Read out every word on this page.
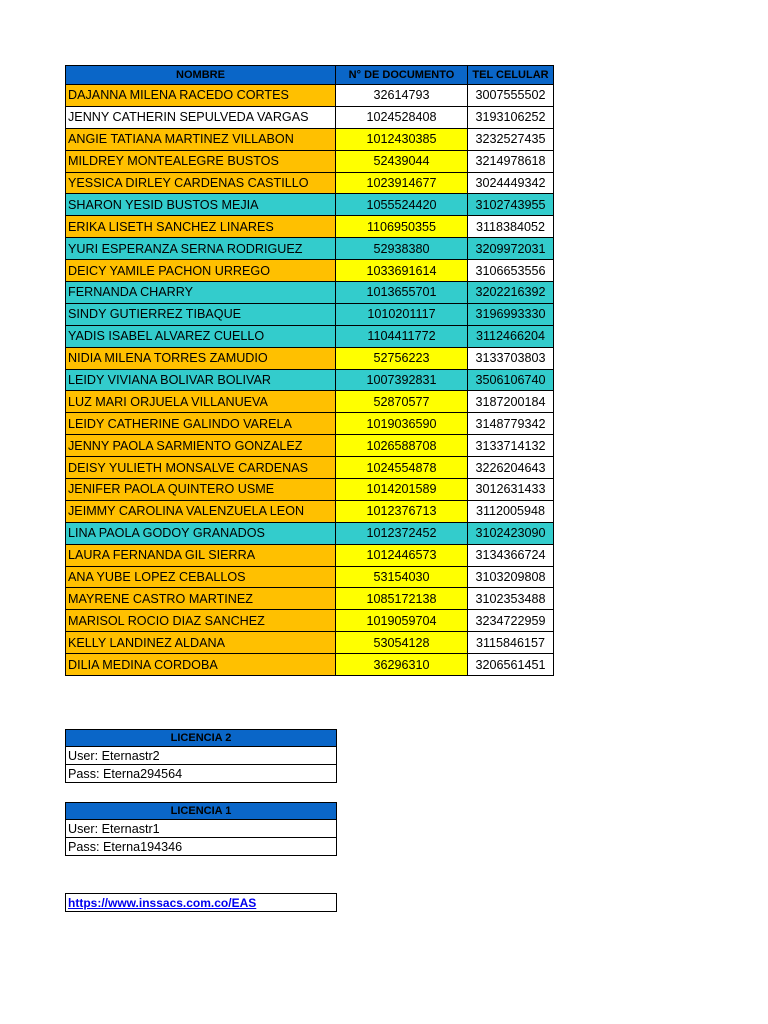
NOMBRE	N° DE DOCUMENTO	TEL CELULAR
DAJANNA MILENA RACEDO CORTES	32614793	3007555502
JENNY CATHERIN SEPULVEDA VARGAS	1024528408	3193106252
ANGIE TATIANA MARTINEZ VILLABON	1012430385	3232527435
MILDREY MONTEALEGRE BUSTOS	52439044	3214978618
YESSICA DIRLEY CARDENAS CASTILLO	1023914677	3024449342
SHARON YESID BUSTOS MEJIA	1055524420	3102743955
ERIKA LISETH SANCHEZ LINARES	1106950355	3118384052
YURI ESPERANZA SERNA RODRIGUEZ	52938380	3209972031
DEICY YAMILE PACHON URREGO	1033691614	3106653556
FERNANDA CHARRY	1013655701	3202216392
SINDY GUTIERREZ TIBAQUE	1010201117	3196993330
YADIS ISABEL ALVAREZ CUELLO	1104411772	3112466204
NIDIA MILENA TORRES ZAMUDIO	52756223	3133703803
LEIDY VIVIANA BOLIVAR BOLIVAR	1007392831	3506106740
LUZ MARI ORJUELA VILLANUEVA	52870577	3187200184
LEIDY CATHERINE GALINDO VARELA	1019036590	3148779342
JENNY PAOLA SARMIENTO GONZALEZ	1026588708	3133714132
DEISY YULIETH MONSALVE CARDENAS	1024554878	3226204643
JENIFER PAOLA QUINTERO USME	1014201589	3012631433
JEIMMY CAROLINA VALENZUELA LEON	1012376713	3112005948
LINA PAOLA GODOY GRANADOS	1012372452	3102423090
LAURA FERNANDA GIL SIERRA	1012446573	3134366724
ANA YUBE LOPEZ CEBALLOS	53154030	3103209808
MAYRENE CASTRO MARTINEZ	1085172138	3102353488
MARISOL ROCIO DIAZ SANCHEZ	1019059704	3234722959
KELLY LANDINEZ ALDANA	53054128	3115846157
DILIA MEDINA CORDOBA	36296310	3206561451
LICENCIA 2
User: Eternastr2
Pass: Eterna294564
LICENCIA 1
User: Eternastr1
Pass: Eterna194346
https://www.inssacs.com.co/EAS
